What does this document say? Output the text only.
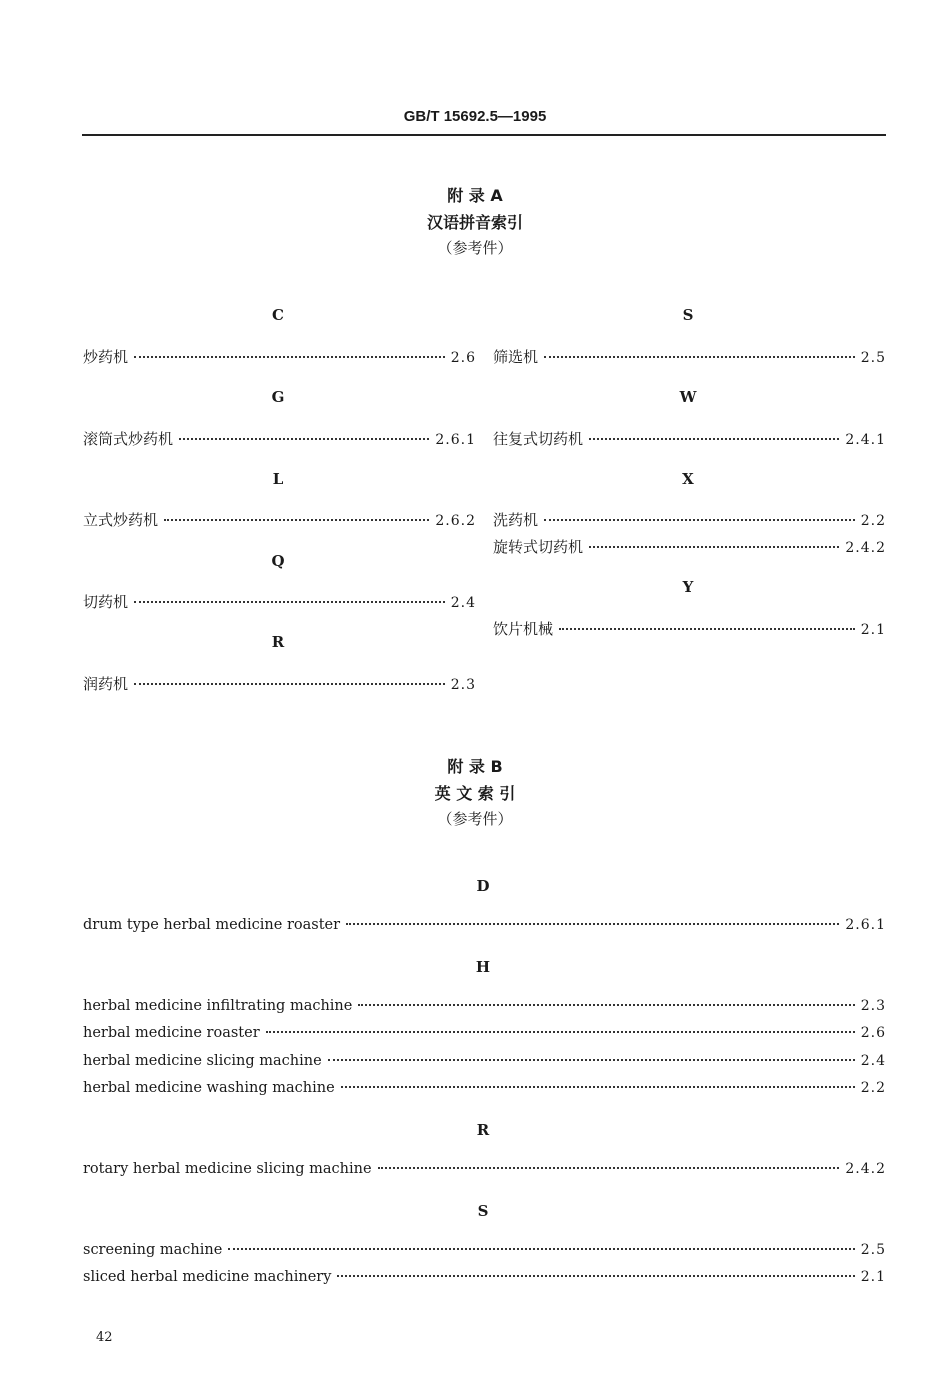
GB/T 15692.5—1995
附 录 A
汉语拼音索引
（参考件）
C
炒药机	2.6
G
滚筒式炒药机	2.6.1
L
立式炒药机	2.6.2
Q
切药机	2.4
R
润药机	2.3
S
筛选机	2.5
W
往复式切药机	2.4.1
X
洗药机	2.2
旋转式切药机	2.4.2
Y
饮片机械	2.1
附 录 B
英 文 索 引
（参考件）
D
drum type herbal medicine roaster	2.6.1
H
herbal medicine infiltrating machine	2.3
herbal medicine roaster	2.6
herbal medicine slicing machine	2.4
herbal medicine washing machine	2.2
R
rotary herbal medicine slicing machine	2.4.2
S
screening machine	2.5
sliced herbal medicine machinery	2.1
42
